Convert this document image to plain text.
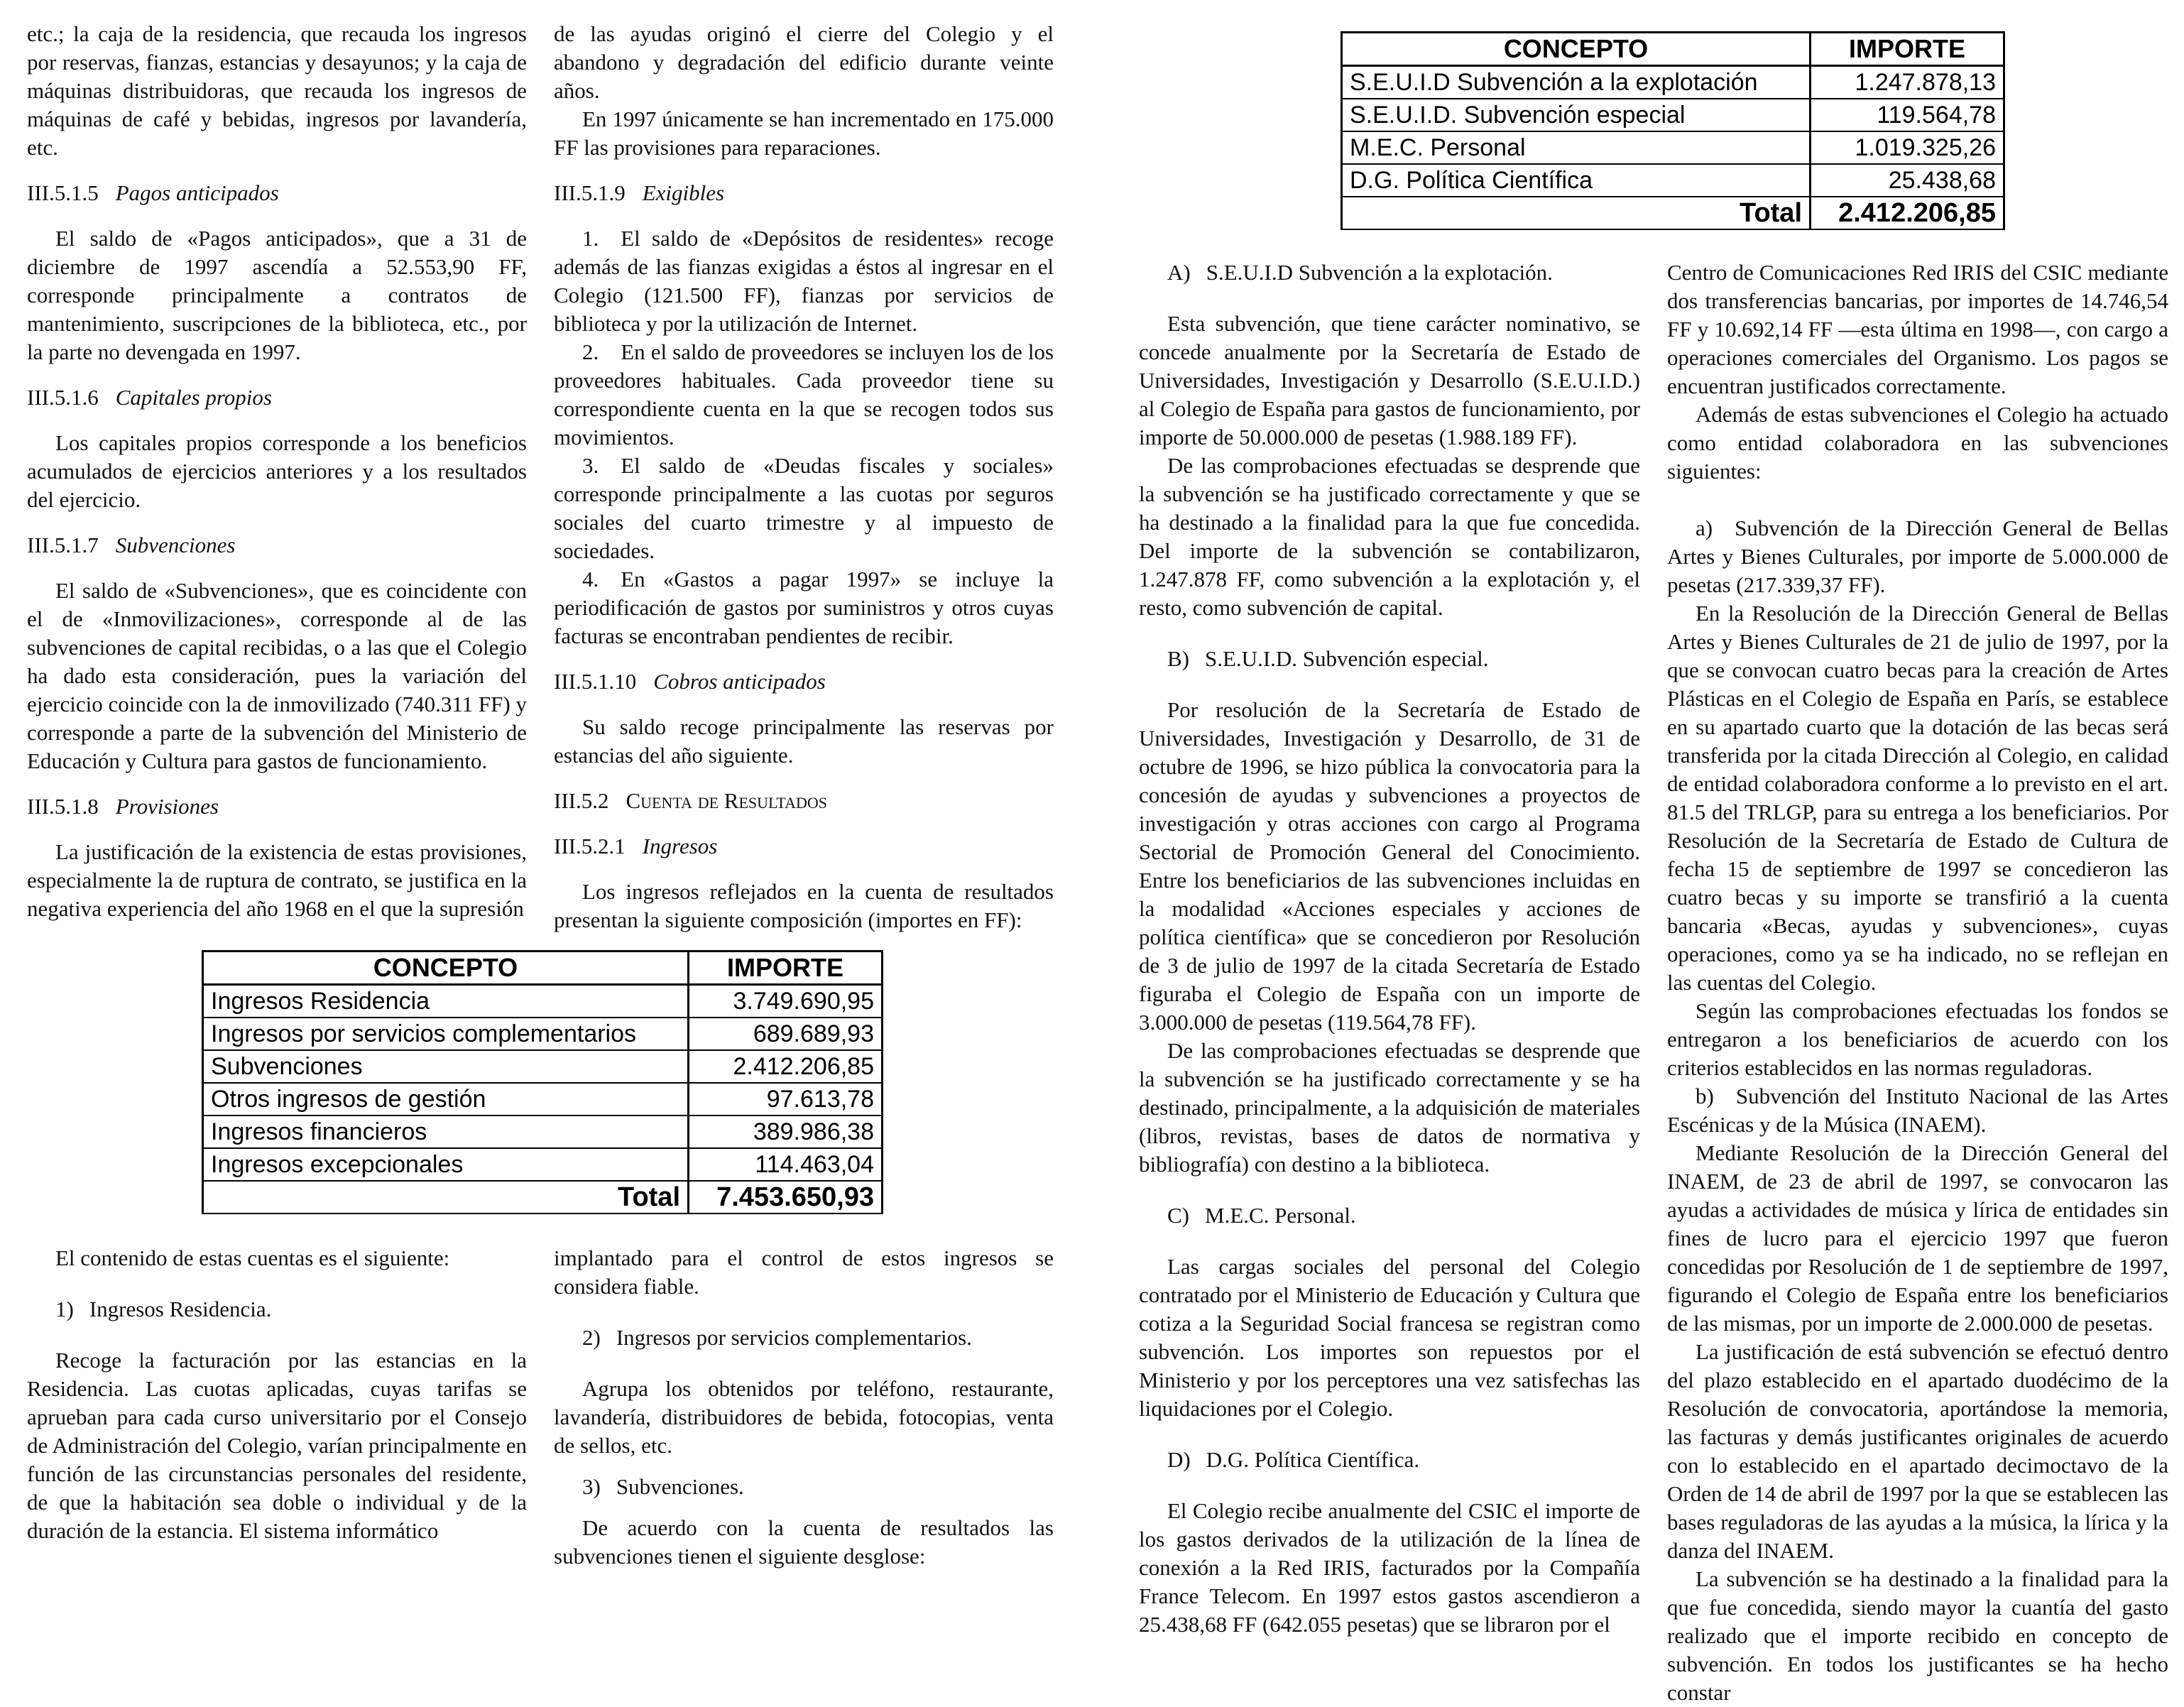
etc.; la caja de la residencia, que recauda los ingresos por reservas, fianzas, estancias y desayunos; y la caja de máquinas distribuidoras, que recauda los ingresos de máquinas de café y bebidas, ingresos por lavandería, etc.

III.5.1.5 Pagos anticipados

El saldo de «Pagos anticipados», que a 31 de diciembre de 1997 ascendía a 52.553,90 FF, corresponde principalmente a contratos de mantenimiento, suscripciones de la biblioteca, etc., por la parte no devengada en 1997.

III.5.1.6 Capitales propios

Los capitales propios corresponde a los beneficios acumulados de ejercicios anteriores y a los resultados del ejercicio.

III.5.1.7 Subvenciones

El saldo de «Subvenciones», que es coincidente con el de «Inmovilizaciones», corresponde al de las subvenciones de capital recibidas, o a las que el Colegio ha dado esta consideración, pues la variación del ejercicio coincide con la de inmovilizado (740.311 FF) y corresponde a parte de la subvención del Ministerio de Educación y Cultura para gastos de funcionamiento.

III.5.1.8 Provisiones

La justificación de la existencia de estas provisiones, especialmente la de ruptura de contrato, se justifica en la negativa experiencia del año 1968 en el que la supresión

de las ayudas originó el cierre del Colegio y el abandono y degradación del edificio durante veinte años.

En 1997 únicamente se han incrementado en 175.000 FF las provisiones para reparaciones.

III.5.1.9 Exigibles

1. El saldo de «Depósitos de residentes» recoge además de las fianzas exigidas a éstos al ingresar en el Colegio (121.500 FF), fianzas por servicios de biblioteca y por la utilización de Internet.

2. En el saldo de proveedores se incluyen los de los proveedores habituales. Cada proveedor tiene su correspondiente cuenta en la que se recogen todos sus movimientos.

3. El saldo de «Deudas fiscales y sociales» corresponde principalmente a las cuotas por seguros sociales del cuarto trimestre y al impuesto de sociedades.

4. En «Gastos a pagar 1997» se incluye la periodificación de gastos por suministros y otros cuyas facturas se encontraban pendientes de recibir.

III.5.1.10 Cobros anticipados

Su saldo recoge principalmente las reservas por estancias del año siguiente.

III.5.2 Cuenta de Resultados
III.5.2.1 Ingresos

Los ingresos reflejados en la cuenta de resultados presentan la siguiente composición (importes en FF):

CONCEPTO	IMPORTE
Ingresos Residencia	3.749.690,95
Ingresos por servicios complementarios	689.689,93
Subvenciones	2.412.206,85
Otros ingresos de gestión	97.613,78
Ingresos financieros	389.986,38
Ingresos excepcionales	114.463,04
Total	7.453.650,93

El contenido de estas cuentas es el siguiente:

1) Ingresos Residencia.

Recoge la facturación por las estancias en la Residencia. Las cuotas aplicadas, cuyas tarifas se aprueban para cada curso universitario por el Consejo de Administración del Colegio, varían principalmente en función de las circunstancias personales del residente, de que la habitación sea doble o individual y de la duración de la estancia. El sistema informático

implantado para el control de estos ingresos se considera fiable.

2) Ingresos por servicios complementarios.

Agrupa los obtenidos por teléfono, restaurante, lavandería, distribuidores de bebida, fotocopias, venta de sellos, etc.

3) Subvenciones.

De acuerdo con la cuenta de resultados las subvenciones tienen el siguiente desglose:

CONCEPTO	IMPORTE
S.E.U.I.D Subvención a la explotación	1.247.878,13
S.E.U.I.D. Subvención especial	119.564,78
M.E.C. Personal	1.019.325,26
D.G. Política Científica	25.438,68
Total	2.412.206,85
A) S.E.U.I.D Subvención a la explotación.

Esta subvención, que tiene carácter nominativo, se concede anualmente por la Secretaría de Estado de Universidades, Investigación y Desarrollo (S.E.U.I.D.) al Colegio de España para gastos de funcionamiento, por importe de 50.000.000 de pesetas (1.988.189 FF).

De las comprobaciones efectuadas se desprende que la subvención se ha justificado correctamente y que se ha destinado a la finalidad para la que fue concedida. Del importe de la subvención se contabilizaron, 1.247.878 FF, como subvención a la explotación y, el resto, como subvención de capital.

B) S.E.U.I.D. Subvención especial.

Por resolución de la Secretaría de Estado de Universidades, Investigación y Desarrollo, de 31 de octubre de 1996, se hizo pública la convocatoria para la concesión de ayudas y subvenciones a proyectos de investigación y otras acciones con cargo al Programa Sectorial de Promoción General del Conocimiento. Entre los beneficiarios de las subvenciones incluidas en la modalidad «Acciones especiales y acciones de política científica» que se concedieron por Resolución de 3 de julio de 1997 de la citada Secretaría de Estado figuraba el Colegio de España con un importe de 3.000.000 de pesetas (119.564,78 FF).

De las comprobaciones efectuadas se desprende que la subvención se ha justificado correctamente y se ha destinado, principalmente, a la adquisición de materiales (libros, revistas, bases de datos de normativa y bibliografía) con destino a la biblioteca.

C) M.E.C. Personal.

Las cargas sociales del personal del Colegio contratado por el Ministerio de Educación y Cultura que cotiza a la Seguridad Social francesa se registran como subvención. Los importes son repuestos por el Ministerio y por los perceptores una vez satisfechas las liquidaciones por el Colegio.

D) D.G. Política Científica.

El Colegio recibe anualmente del CSIC el importe de los gastos derivados de la utilización de la línea de conexión a la Red IRIS, facturados por la Compañía France Telecom. En 1997 estos gastos ascendieron a 25.438,68 FF (642.055 pesetas) que se libraron por el

Centro de Comunicaciones Red IRIS del CSIC mediante dos transferencias bancarias, por importes de 14.746,54 FF y 10.692,14 FF —esta última en 1998—, con cargo a operaciones comerciales del Organismo. Los pagos se encuentran justificados correctamente.

Además de estas subvenciones el Colegio ha actuado como entidad colaboradora en las subvenciones siguientes:

a) Subvención de la Dirección General de Bellas Artes y Bienes Culturales, por importe de 5.000.000 de pesetas (217.339,37 FF).

En la Resolución de la Dirección General de Bellas Artes y Bienes Culturales de 21 de julio de 1997, por la que se convocan cuatro becas para la creación de Artes Plásticas en el Colegio de España en París, se establece en su apartado cuarto que la dotación de las becas será transferida por la citada Dirección al Colegio, en calidad de entidad colaboradora conforme a lo previsto en el art. 81.5 del TRLGP, para su entrega a los beneficiarios. Por Resolución de la Secretaría de Estado de Cultura de fecha 15 de septiembre de 1997 se concedieron las cuatro becas y su importe se transfirió a la cuenta bancaria «Becas, ayudas y subvenciones», cuyas operaciones, como ya se ha indicado, no se reflejan en las cuentas del Colegio.

Según las comprobaciones efectuadas los fondos se entregaron a los beneficiarios de acuerdo con los criterios establecidos en las normas reguladoras.

b) Subvención del Instituto Nacional de las Artes Escénicas y de la Música (INAEM).

Mediante Resolución de la Dirección General del INAEM, de 23 de abril de 1997, se convocaron las ayudas a actividades de música y lírica de entidades sin fines de lucro para el ejercicio 1997 que fueron concedidas por Resolución de 1 de septiembre de 1997, figurando el Colegio de España entre los beneficiarios de las mismas, por un importe de 2.000.000 de pesetas.

La justificación de está subvención se efectuó dentro del plazo establecido en el apartado duodécimo de la Resolución de convocatoria, aportándose la memoria, las facturas y demás justificantes originales de acuerdo con lo establecido en el apartado decimoctavo de la Orden de 14 de abril de 1997 por la que se establecen las bases reguladoras de las ayudas a la música, la lírica y la danza del INAEM.

La subvención se ha destinado a la finalidad para la que fue concedida, siendo mayor la cuantía del gasto realizado que el importe recibido en concepto de subvención. En todos los justificantes se ha hecho constar
